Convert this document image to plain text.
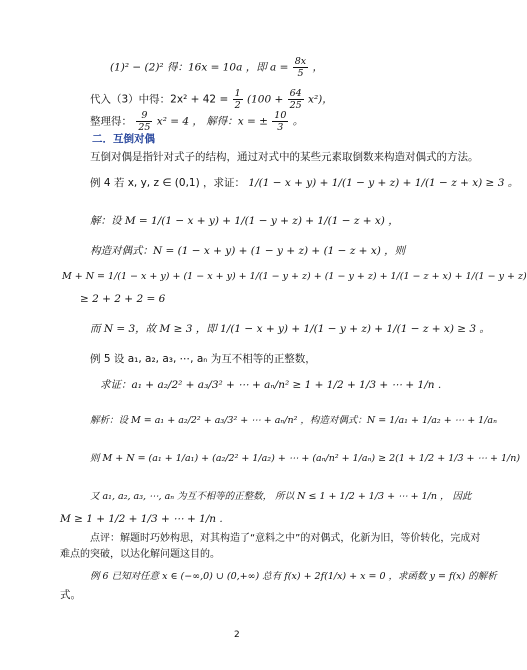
(1)² − (2)² 得：16x = 10a ，即 $a = \frac{8x}{5}$ ，
代入（3）中得：$2x^2 + 42 = \frac{1}{2} (100 + \frac{64}{25} x^2)$，
整理得： $\frac{9}{25} x^2 = 4$ ， 解得：x = ± $\frac{10}{3}$ 。
二．互倒对偶
互倒对偶是指针对式子的结构，通过对式中的某些元素取倒数来构造对偶式的方法。
例 4 若 x, y, z ∈ (0,1) ，求证： 1/(1 − x + y) + 1/(1 − y + z) + 1/(1 − z + x) ≥ 3 。
解：设 M = 1/(1 − x + y) + 1/(1 − y + z) + 1/(1 − z + x) ，
构造对偶式：N = (1 − x + y) + (1 − y + z) + (1 − z + x) ，则
M + N = 1/(1 − x + y) + (1 − x + y) + 1/(1 − y + z) + (1 − y + z) + 1/(1 − z + x) + 1/(1 − y + z)
≥ 2 + 2 + 2 = 6
而 N = 3，故 M ≥ 3 ，即 1/(1 − x + y) + 1/(1 − y + z) + 1/(1 − z + x) ≥ 3 。
例 5 设 a₁, a₂, a₃, ⋯, aₙ 为互不相等的正整数，
求证：a₁ + a₂/2² + a₃/3² + ⋯ + aₙ/n² ≥ 1 + 1/2 + 1/3 + ⋯ + 1/n .
解析：设 M = a₁ + a₂/2² + a₃/3² + ⋯ + aₙ/n² ，构造对偶式：N = 1/a₁ + 1/a₂ + ⋯ + 1/aₙ
则 M + N = (a₁ + 1/a₁) + (a₂/2² + 1/a₂) + ⋯ + (aₙ/n² + 1/aₙ) ≥ 2(1 + 1/2 + 1/3 + ⋯ + 1/n)
又 a₁, a₂, a₃, ⋯, aₙ 为互不相等的正整数， 所以 N ≤ 1 + 1/2 + 1/3 + ⋯ + 1/n ， 因此
M ≥ 1 + 1/2 + 1/3 + ⋯ + 1/n .
点评：解题时巧妙构思，对其构造了“意料之中”的对偶式，化新为旧，等价转化，完成对
难点的突破，以达化解问题这目的。
例 6 已知对任意 x ∈ (−∞,0) ∪ (0,+∞) 总有 f(x) + 2f(1/x) + x = 0 ，求函数 y = f(x) 的解析
式。
2
